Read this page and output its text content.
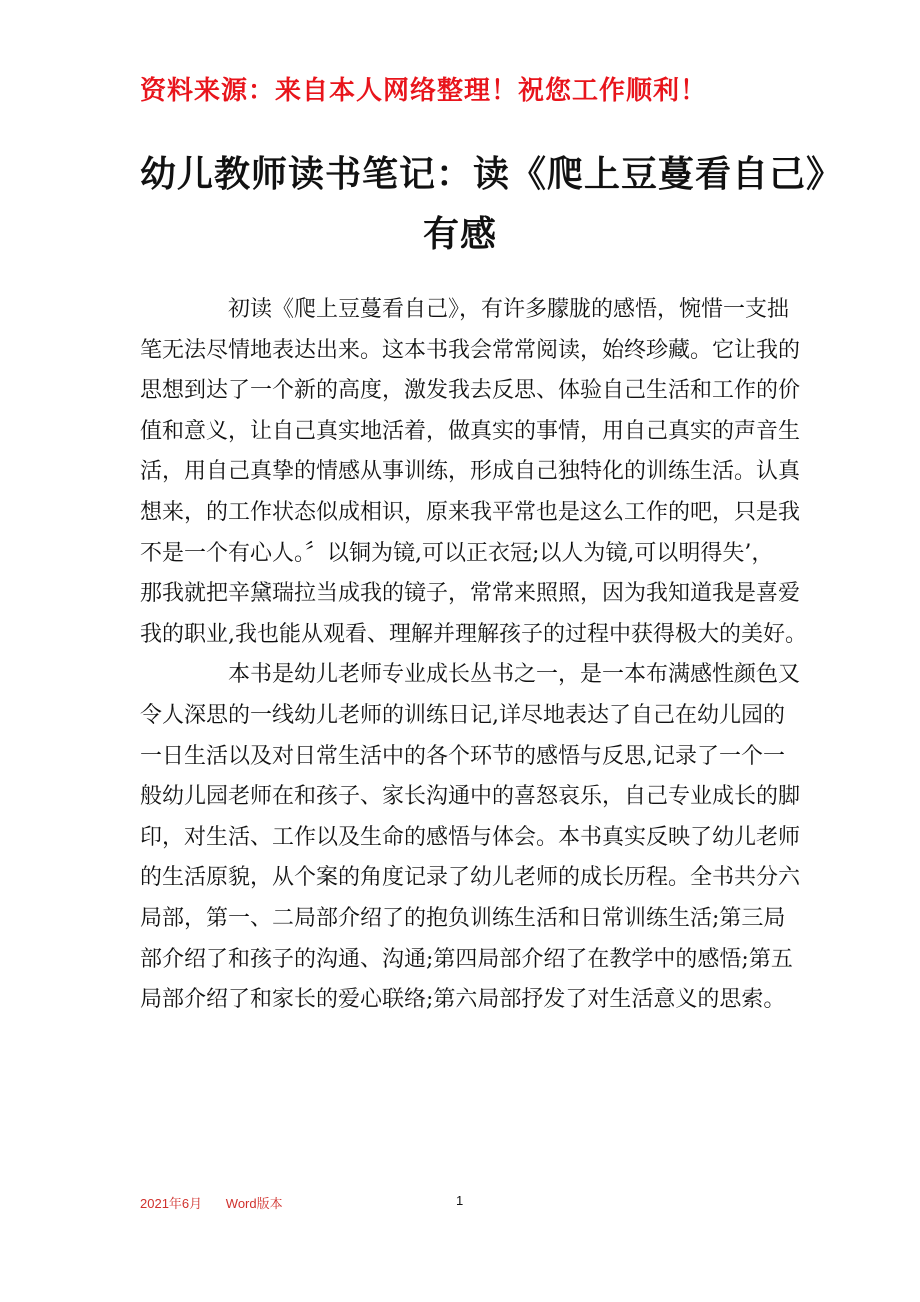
资料来源：来自本人网络整理！祝您工作顺利！
幼儿教师读书笔记：读《爬上豆蔓看自己》
有感

初读《爬上豆蔓看自己》，有许多朦胧的感悟，惋惜一支拙
笔无法尽情地表达出来。这本书我会常常阅读，始终珍藏。它让我的
思想到达了一个新的高度，激发我去反思、体验自己生活和工作的价
值和意义，让自己真实地活着，做真实的事情，用自己真实的声音生
活，用自己真挚的情感从事训练，形成自己独特化的训练生活。认真
想来，的工作状态似成相识，原来我平常也是这么工作的吧，只是我
不是一个有心人。〞以铜为镜,可以正衣冠;以人为镜,可以明得失’，
那我就把辛黛瑞拉当成我的镜子，常常来照照，因为我知道我是喜爱
我的职业,我也能从观看、理解并理解孩子的过程中获得极大的美好。

本书是幼儿老师专业成长丛书之一，是一本布满感性颜色又
令人深思的一线幼儿老师的训练日记,详尽地表达了自己在幼儿园的
一日生活以及对日常生活中的各个环节的感悟与反思,记录了一个一
般幼儿园老师在和孩子、家长沟通中的喜怒哀乐，自己专业成长的脚
印，对生活、工作以及生命的感悟与体会。本书真实反映了幼儿老师
的生活原貌，从个案的角度记录了幼儿老师的成长历程。全书共分六
局部，第一、二局部介绍了的抱负训练生活和日常训练生活;第三局
部介绍了和孩子的沟通、沟通;第四局部介绍了在教学中的感悟;第五
局部介绍了和家长的爱心联络;第六局部抒发了对生活意义的思索。

2021年6月 Word版本	1
